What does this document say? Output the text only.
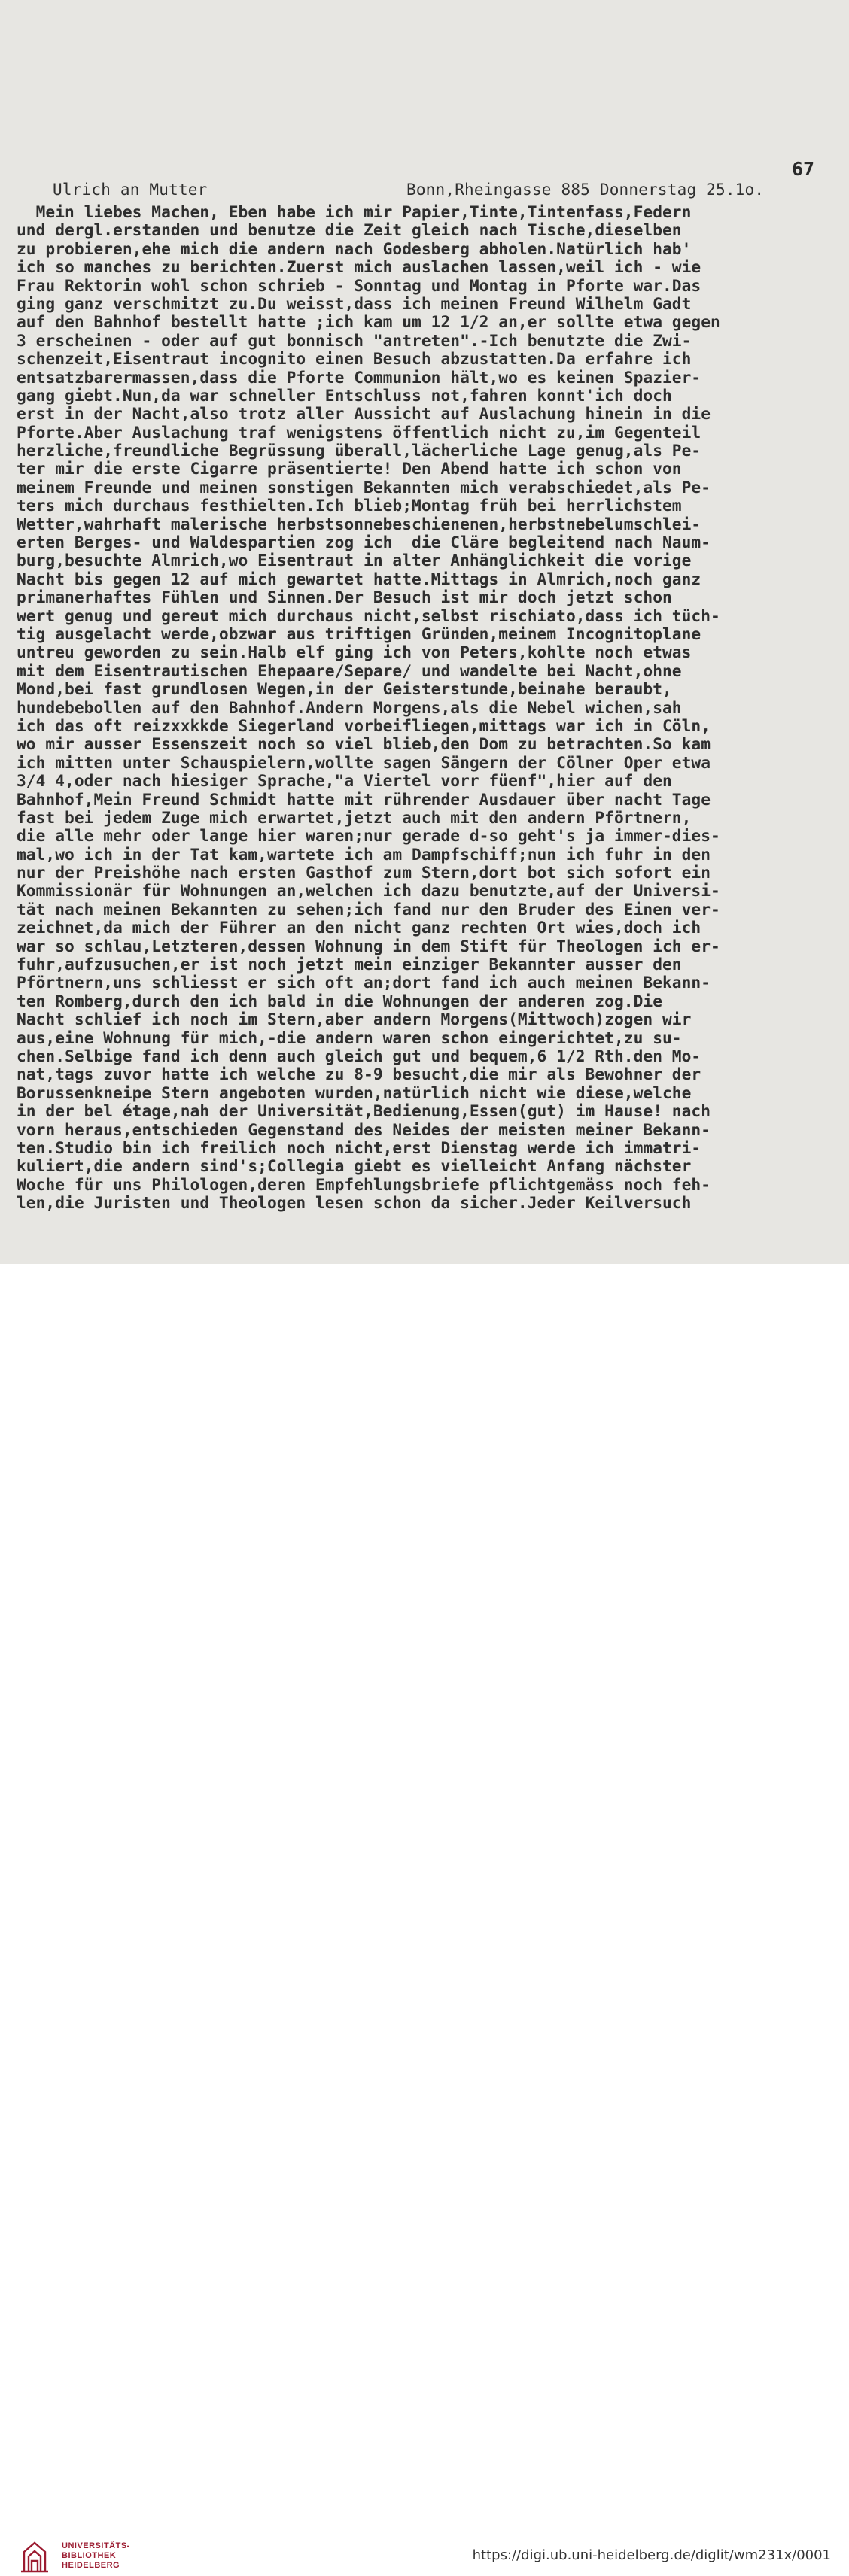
67
Ulrich an Mutter	Bonn,Rheingasse 885 Donnerstag 25.1o.
Mein liebes Machen, Eben habe ich mir Papier,Tinte,Tintenfass,Federn
und dergl.erstanden und benutze die Zeit gleich nach Tische,dieselben
zu probieren,ehe mich die andern nach Godesberg abholen.Natürlich hab'
ich so manches zu berichten.Zuerst mich auslachen lassen,weil ich - wie
Frau Rektorin wohl schon schrieb - Sonntag und Montag in Pforte war.Das
ging ganz verschmitzt zu.Du weisst,dass ich meinen Freund Wilhelm Gadt
auf den Bahnhof bestellt hatte ;ich kam um 12 1/2 an,er sollte etwa gegen
3 erscheinen - oder auf gut bonnisch "antreten".-Ich benutzte die Zwi-
schenzeit,Eisentraut incognito einen Besuch abzustatten.Da erfahre ich
entsatzbarermassen,dass die Pforte Communion hält,wo es keinen Spazier-
gang giebt.Nun,da war schneller Entschluss not,fahren konnt'ich doch
erst in der Nacht,also trotz aller Aussicht auf Auslachung hinein in die
Pforte.Aber Auslachung traf wenigstens öffentlich nicht zu,im Gegenteil
herzliche,freundliche Begrüssung überall,lächerliche Lage genug,als Pe-
ter mir die erste Cigarre präsentierte! Den Abend hatte ich schon von
meinem Freunde und meinen sonstigen Bekannten mich verabschiedet,als Pe-
ters mich durchaus festhielten.Ich blieb;Montag früh bei herrlichstem
Wetter,wahrhaft malerische herbstsonnebeschienenen,herbstnebelumschlei-
erten Berges- und Waldespartien zog ich  die Cläre begleitend nach Naum-
burg,besuchte Almrich,wo Eisentraut in alter Anhänglichkeit die vorige
Nacht bis gegen 12 auf mich gewartet hatte.Mittags in Almrich,noch ganz
primanerhaftes Fühlen und Sinnen.Der Besuch ist mir doch jetzt schon
wert genug und gereut mich durchaus nicht,selbst rischiato,dass ich tüch-
tig ausgelacht werde,obzwar aus triftigen Gründen,meinem Incognitoplane
untreu geworden zu sein.Halb elf ging ich von Peters,kohlte noch etwas
mit dem Eisentrautischen Ehepaare/Separe/ und wandelte bei Nacht,ohne
Mond,bei fast grundlosen Wegen,in der Geisterstunde,beinahe beraubt,
hundebebollen auf den Bahnhof.Andern Morgens,als die Nebel wichen,sah
ich das oft reizxxkkde Siegerland vorbeifliegen,mittags war ich in Cöln,
wo mir ausser Essenszeit noch so viel blieb,den Dom zu betrachten.So kam
ich mitten unter Schauspielern,wollte sagen Sängern der Cölner Oper etwa
3/4 4,oder nach hiesiger Sprache,"a Viertel vorr füenf",hier auf den
Bahnhof,Mein Freund Schmidt hatte mit rührender Ausdauer über nacht Tage
fast bei jedem Zuge mich erwartet,jetzt auch mit den andern Pförtnern,
die alle mehr oder lange hier waren;nur gerade d-so geht's ja immer-dies-
mal,wo ich in der Tat kam,wartete ich am Dampfschiff;nun ich fuhr in den
nur der Preishöhe nach ersten Gasthof zum Stern,dort bot sich sofort ein
Kommissionär für Wohnungen an,welchen ich dazu benutzte,auf der Universi-
tät nach meinen Bekannten zu sehen;ich fand nur den Bruder des Einen ver-
zeichnet,da mich der Führer an den nicht ganz rechten Ort wies,doch ich
war so schlau,Letzteren,dessen Wohnung in dem Stift für Theologen ich er-
fuhr,aufzusuchen,er ist noch jetzt mein einziger Bekannter ausser den
Pförtnern,uns schliesst er sich oft an;dort fand ich auch meinen Bekann-
ten Romberg,durch den ich bald in die Wohnungen der anderen zog.Die
Nacht schlief ich noch im Stern,aber andern Morgens(Mittwoch)zogen wir
aus,eine Wohnung für mich,-die andern waren schon eingerichtet,zu su-
chen.Selbige fand ich denn auch gleich gut und bequem,6 1/2 Rth.den Mo-
nat,tags zuvor hatte ich welche zu 8-9 besucht,die mir als Bewohner der
Borussenkneipe Stern angeboten wurden,natürlich nicht wie diese,welche
in der bel étage,nah der Universität,Bedienung,Essen(gut) im Hause! nach
vorn heraus,entschieden Gegenstand des Neides der meisten meiner Bekann-
ten.Studio bin ich freilich noch nicht,erst Dienstag werde ich immatri-
kuliert,die andern sind's;Collegia giebt es vielleicht Anfang nächster
Woche für uns Philologen,deren Empfehlungsbriefe pflichtgemäss noch feh-
len,die Juristen und Theologen lesen schon da sicher.Jeder Keilversuch
UNIVERSITÄTS-
BIBLIOTHEK
HEIDELBERG
https://digi.ub.uni-heidelberg.de/diglit/wm231x/0001
